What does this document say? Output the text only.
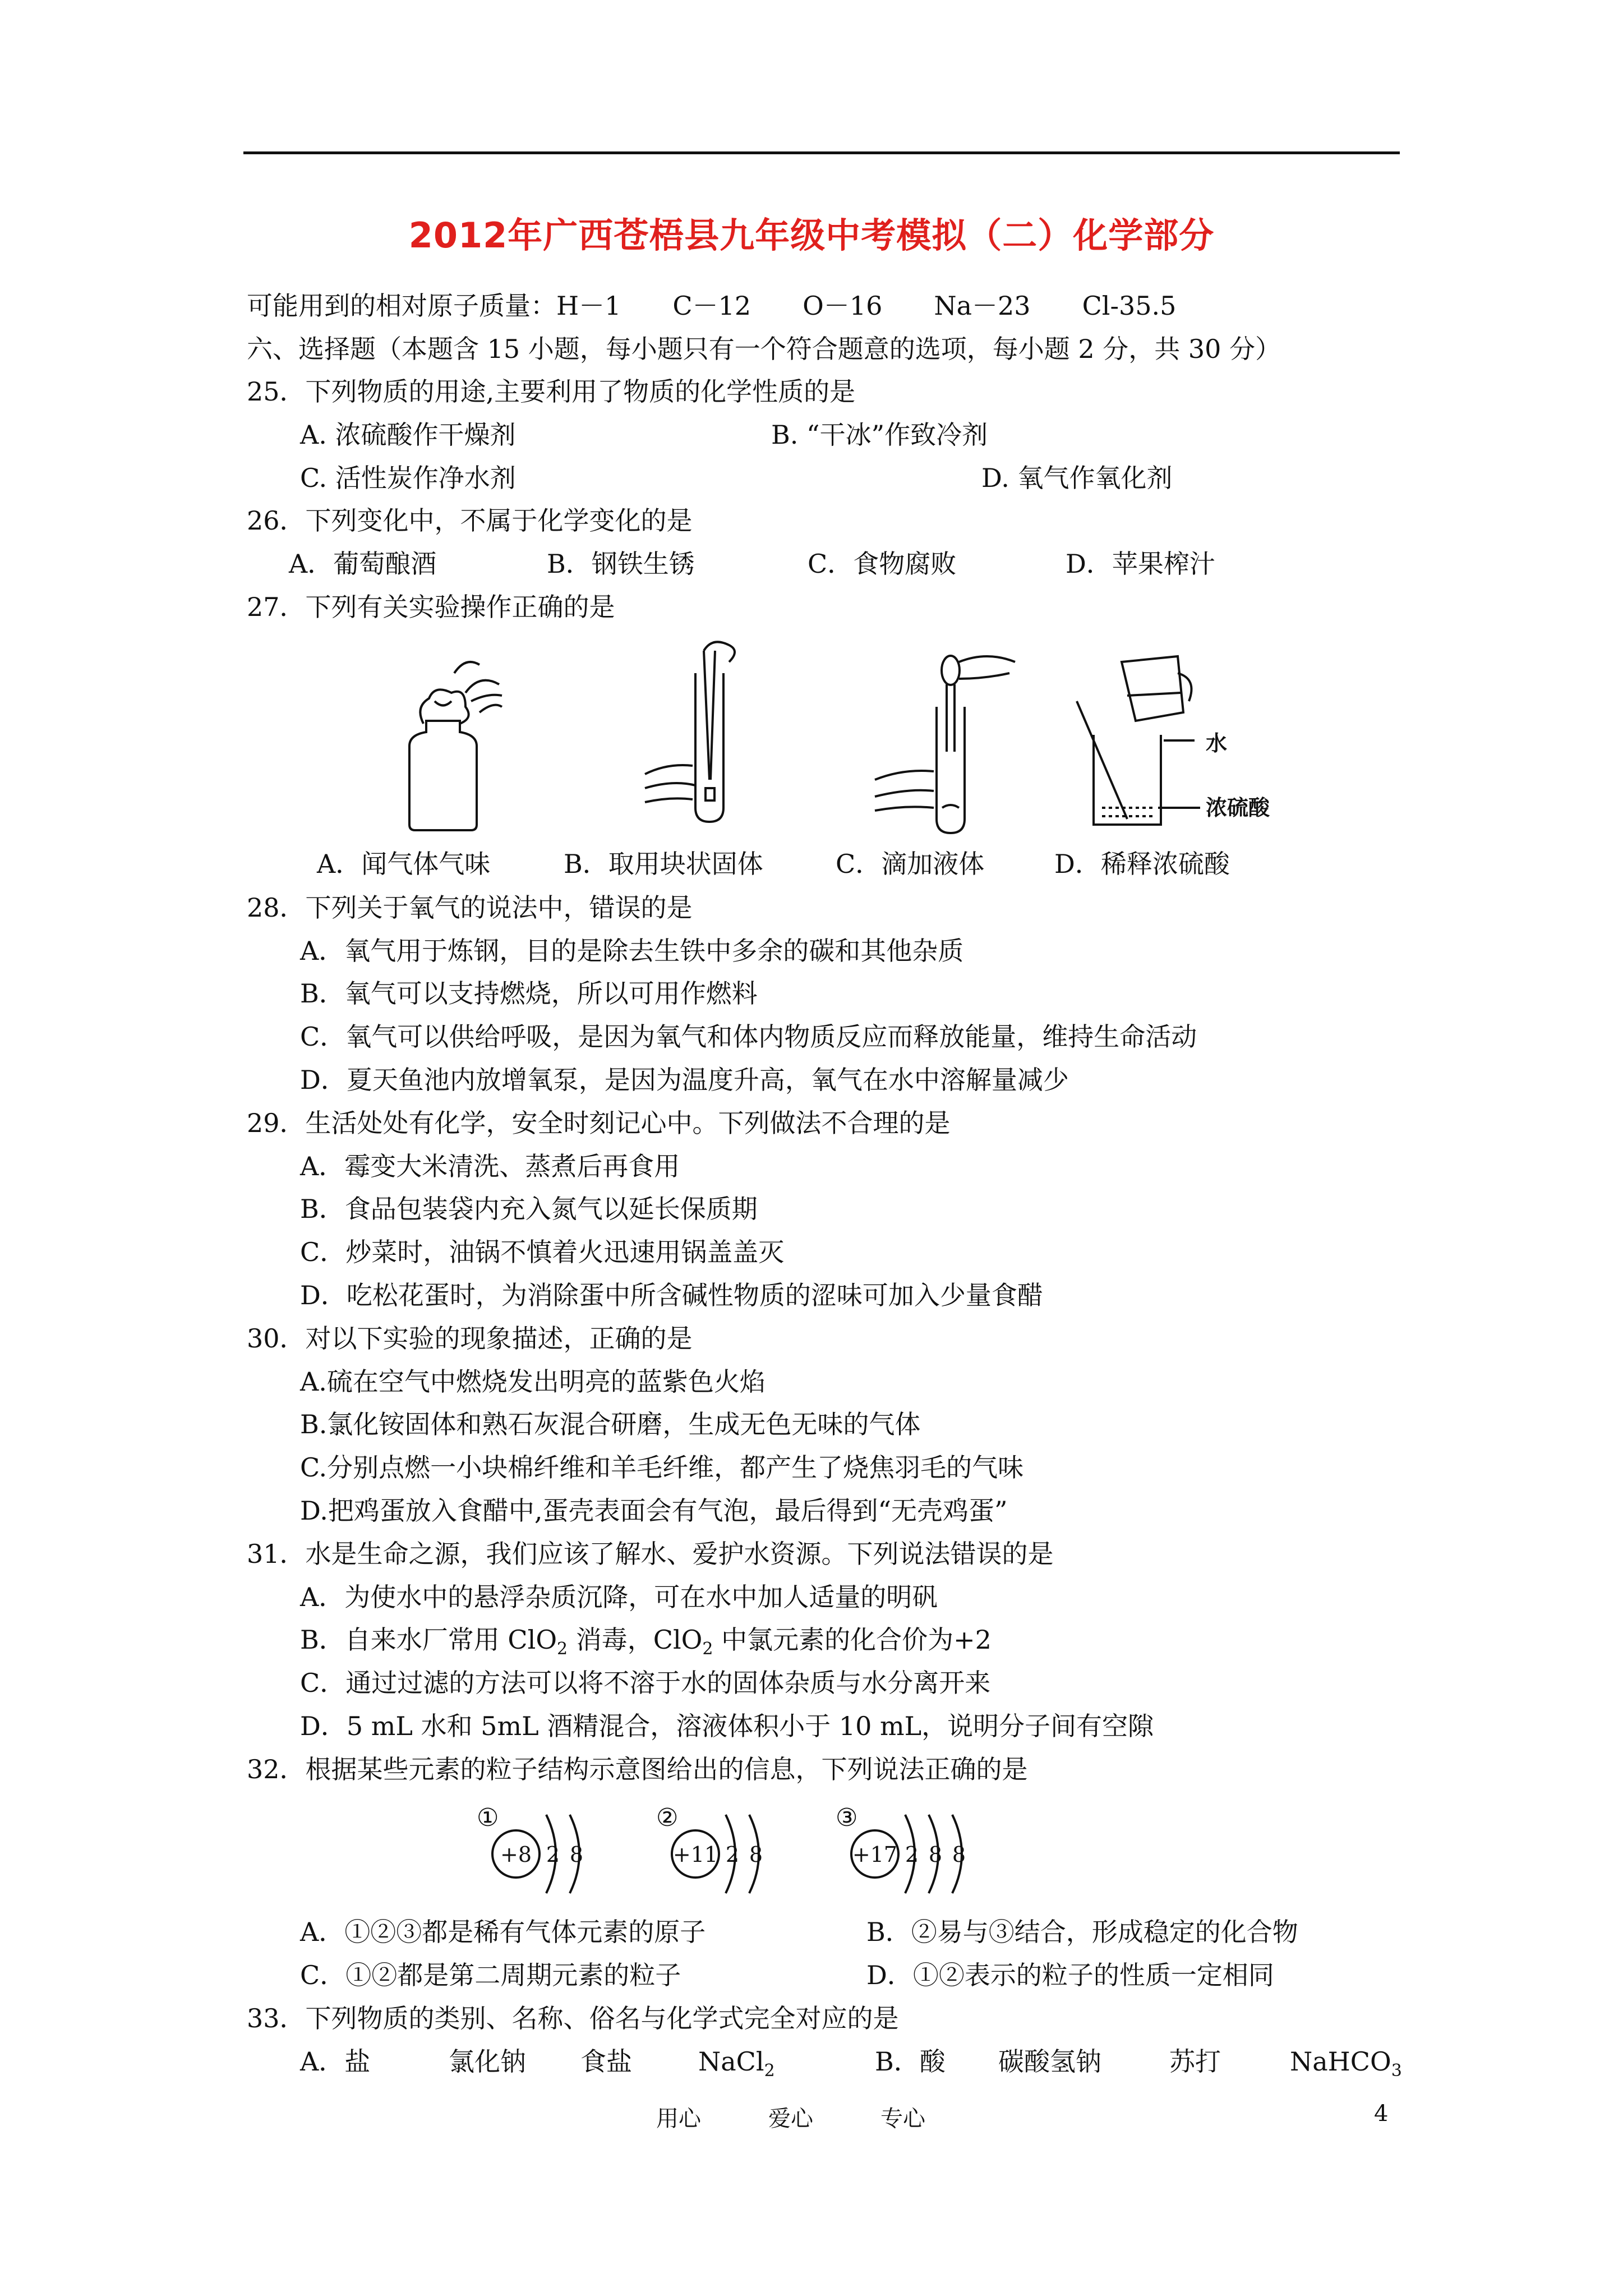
2012年广西苍梧县九年级中考模拟（二）化学部分
可能用到的相对原子质量：H－1　　C－12　　O－16　　Na－23　　Cl-35.5
六、选择题（本题含 15 小题，每小题只有一个符合题意的选项，每小题 2 分，共 30 分）
25．下列物质的用途,主要利用了物质的化学性质的是
A. 浓硫酸作干燥剂	B. “干冰”作致冷剂
C. 活性炭作净水剂	D. 氧气作氧化剂
26．下列变化中，不属于化学变化的是
A．葡萄酿酒	B．钢铁生锈	C．食物腐败	D．苹果榨汁
27．下列有关实验操作正确的是
水
浓硫酸
A．闻气体气味	B．取用块状固体	C．滴加液体	D．稀释浓硫酸
28．下列关于氧气的说法中，错误的是
A．氧气用于炼钢，目的是除去生铁中多余的碳和其他杂质
B．氧气可以支持燃烧，所以可用作燃料
C．氧气可以供给呼吸，是因为氧气和体内物质反应而释放能量，维持生命活动
D．夏天鱼池内放增氧泵，是因为温度升高，氧气在水中溶解量减少
29．生活处处有化学，安全时刻记心中。下列做法不合理的是
A．霉变大米清洗、蒸煮后再食用
B．食品包装袋内充入氮气以延长保质期
C．炒菜时，油锅不慎着火迅速用锅盖盖灭
D．吃松花蛋时，为消除蛋中所含碱性物质的涩味可加入少量食醋
30．对以下实验的现象描述，正确的是
A.硫在空气中燃烧发出明亮的蓝紫色火焰
B.氯化铵固体和熟石灰混合研磨，生成无色无味的气体
C.分别点燃一小块棉纤维和羊毛纤维，都产生了烧焦羽毛的气味
D.把鸡蛋放入食醋中,蛋壳表面会有气泡，最后得到“无壳鸡蛋”
31．水是生命之源，我们应该了解水、爱护水资源。下列说法错误的是
A．为使水中的悬浮杂质沉降，可在水中加人适量的明矾
B．自来水厂常用 ClO$_2$ 消毒，ClO$_2$ 中氯元素的化合价为+2
C．通过过滤的方法可以将不溶于水的固体杂质与水分离开来
D．5 mL 水和 5mL 酒精混合，溶液体积小于 10 mL，说明分子间有空隙
32．根据某些元素的粒子结构示意图给出的信息，下列说法正确的是
①
+8 2 8
②
+11 2 8
③
+17 2 8 8
A．①②③都是稀有气体元素的原子	B．②易与③结合，形成稳定的化合物
C．①②都是第二周期元素的粒子	D．①②表示的粒子的性质一定相同
33．下列物质的类别、名称、俗名与化学式完全对应的是
A．盐	氯化钠 食盐	NaCl$_2$	B．酸 碳酸氢钠	苏打	NaHCO$_3$
用心	爱心	专心	4
